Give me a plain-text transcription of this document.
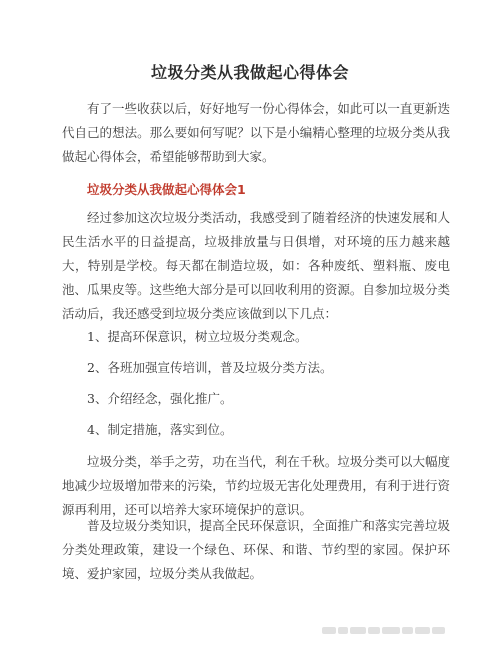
垃圾分类从我做起心得体会

有了一些收获以后，好好地写一份心得体会，如此可以一直更新迭代自己的想法。那么要如何写呢？以下是小编精心整理的垃圾分类从我做起心得体会，希望能够帮助到大家。

垃圾分类从我做起心得体会1

经过参加这次垃圾分类活动，我感受到了随着经济的快速发展和人民生活水平的日益提高，垃圾排放量与日俱增，对环境的压力越来越大，特别是学校。每天都在制造垃圾，如：各种废纸、塑料瓶、废电池、瓜果皮等。这些绝大部分是可以回收利用的资源。自参加垃圾分类活动后，我还感受到垃圾分类应该做到以下几点：

1、提高环保意识，树立垃圾分类观念。
2、各班加强宣传培训，普及垃圾分类方法。
3、介绍经念，强化推广。
4、制定措施，落实到位。

垃圾分类，举手之劳，功在当代，利在千秋。垃圾分类可以大幅度地减少垃圾增加带来的污染，节约垃圾无害化处理费用，有利于进行资源再利用，还可以培养大家环境保护的意识。

普及垃圾分类知识，提高全民环保意识，全面推广和落实完善垃圾分类处理政策，建设一个绿色、环保、和谐、节约型的家园。保护环境、爱护家园，垃圾分类从我做起。
